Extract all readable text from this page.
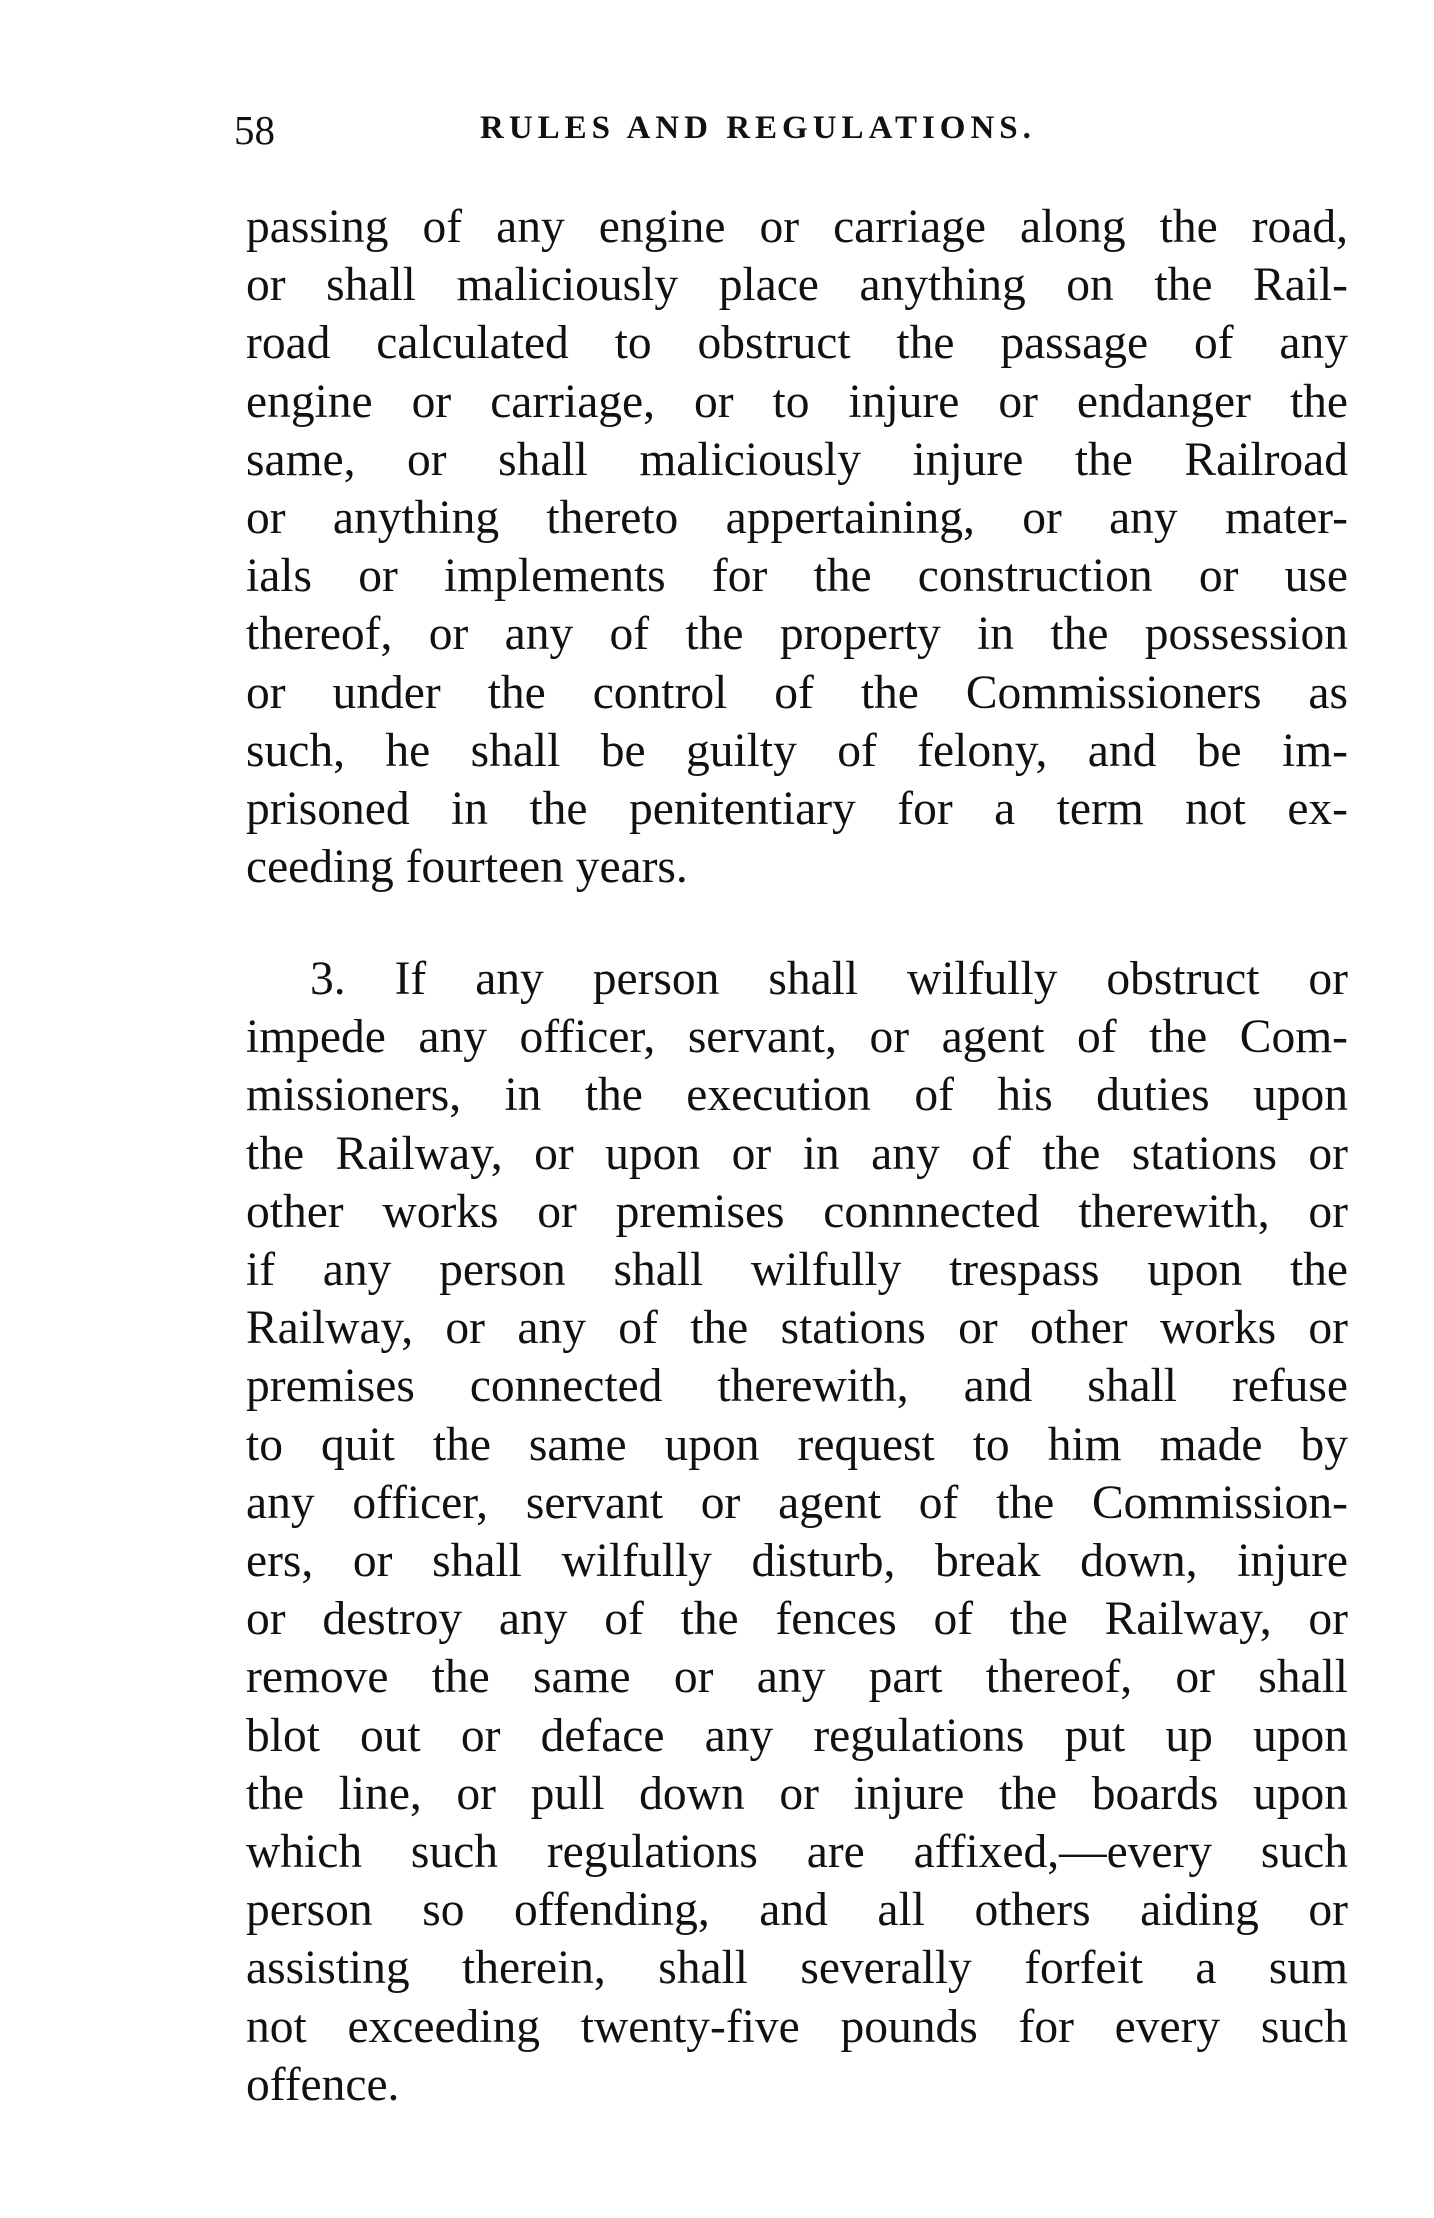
58	RULES AND REGULATIONS.
passing of any engine or carriage along the road,
or shall maliciously place anything on the Rail-
road calculated to obstruct the passage of any
engine or carriage, or to injure or endanger the
same, or shall maliciously injure the Railroad
or anything thereto appertaining, or any mater-
ials or implements for the construction or use
thereof, or any of the property in the possession
or under the control of the Commissioners as
such, he shall be guilty of felony, and be im-
prisoned in the penitentiary for a term not ex-
ceeding fourteen years.
3. If any person shall wilfully obstruct or
impede any officer, servant, or agent of the Com-
missioners, in the execution of his duties upon
the Railway, or upon or in any of the stations or
other works or premises connnected therewith, or
if any person shall wilfully trespass upon the
Railway, or any of the stations or other works or
premises connected therewith, and shall refuse
to quit the same upon request to him made by
any officer, servant or agent of the Commission-
ers, or shall wilfully disturb, break down, injure
or destroy any of the fences of the Railway, or
remove the same or any part thereof, or shall
blot out or deface any regulations put up upon
the line, or pull down or injure the boards upon
which such regulations are affixed,—every such
person so offending, and all others aiding or
assisting therein, shall severally forfeit a sum
not exceeding twenty-five pounds for every such
offence.
